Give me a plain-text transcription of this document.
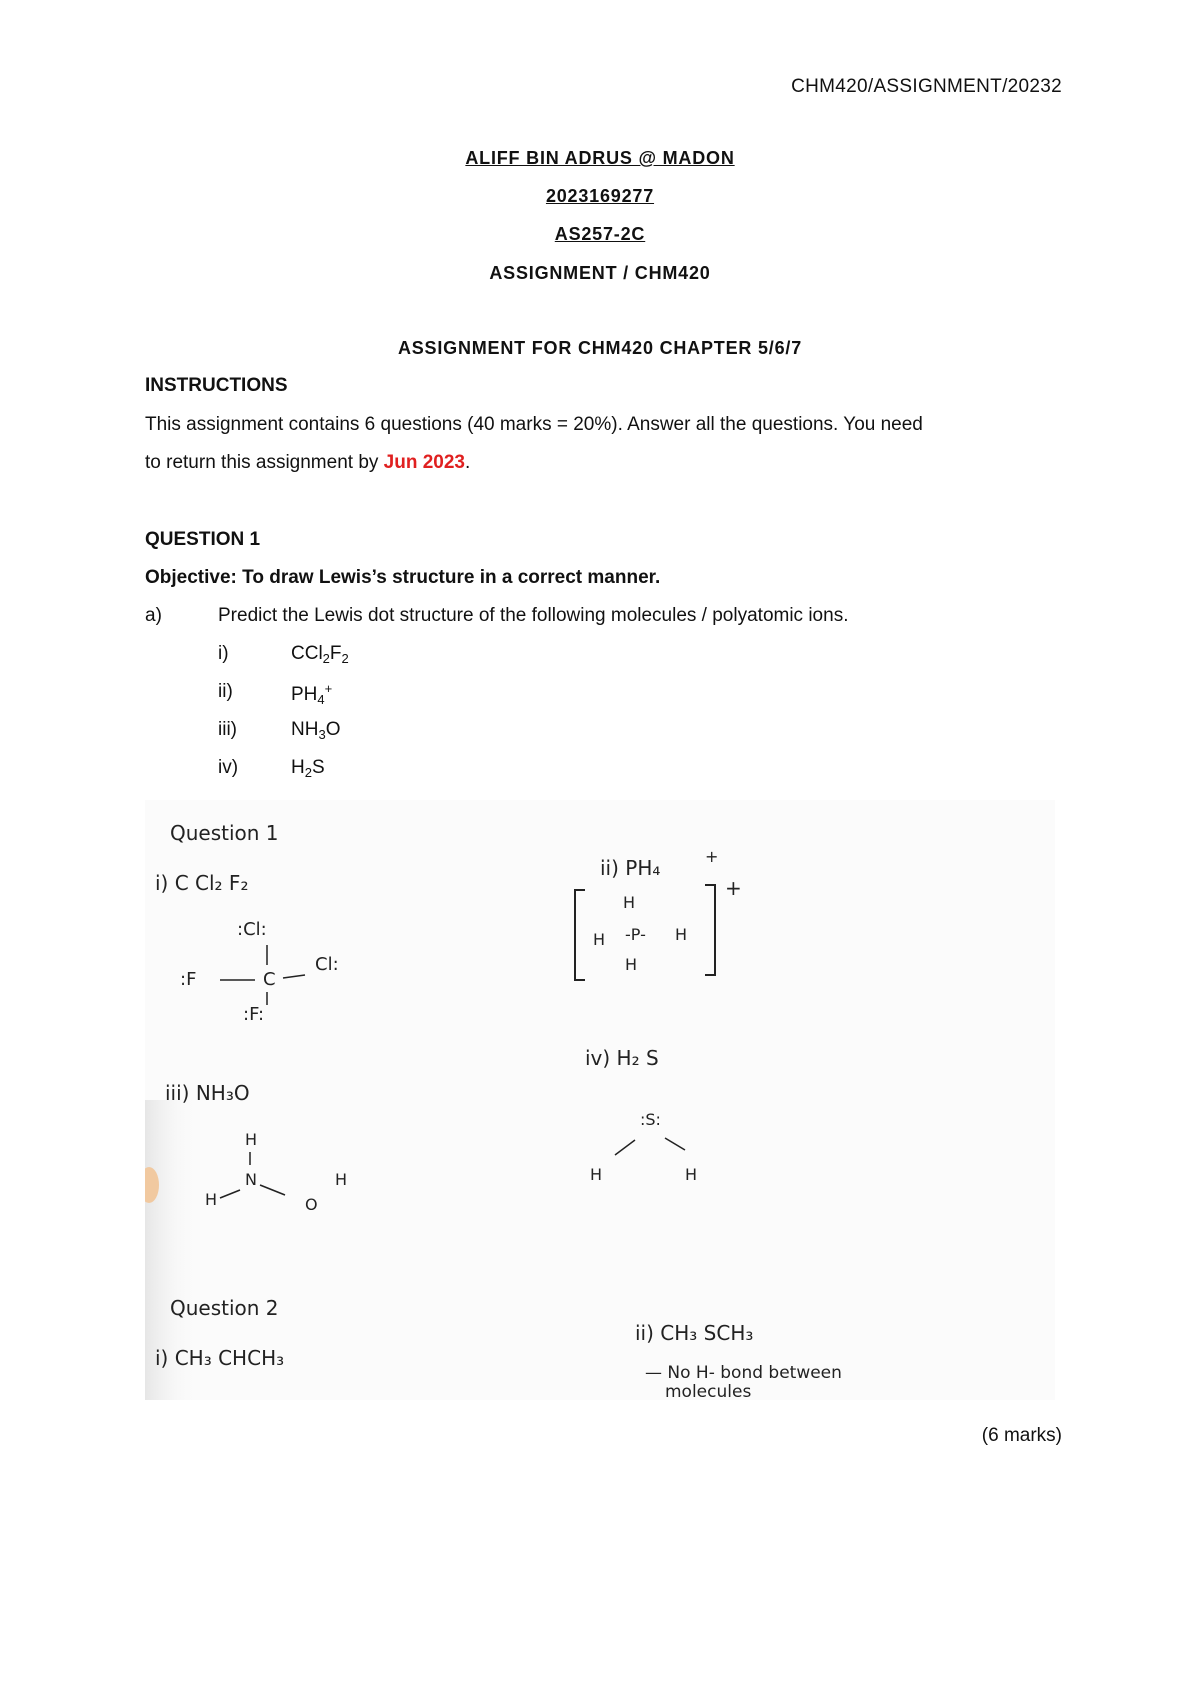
CHM420/ASSIGNMENT/20232
ALIFF BIN ADRUS @ MADON
2023169277
AS257-2C
ASSIGNMENT / CHM420
ASSIGNMENT FOR CHM420 CHAPTER 5/6/7
INSTRUCTIONS
This assignment contains 6 questions (40 marks = 20%). Answer all the questions. You need
to return this assignment by Jun 2023.
QUESTION 1
Objective: To draw Lewis’s structure in a correct manner.
a)	Predict the Lewis dot structure of the following molecules / polyatomic ions.
i)	$CCl_2F_2$
ii)	$PH_4^+$
iii)	$NH_3O$
iv)	$H_2S$
Question 1
i) C Cl₂ F₂
ii) PH₄	+
iii) NH₃O
iv) H₂ S
Question 2
i) CH₃ CHCH₃
ii) CH₃ SCH₃
— No H- bond between
molecules
:Cl:
C
:F
Cl:
:F:
+
H
H -P- H
H
H
N
H	O
H
:S:
H	H
(6 marks)
